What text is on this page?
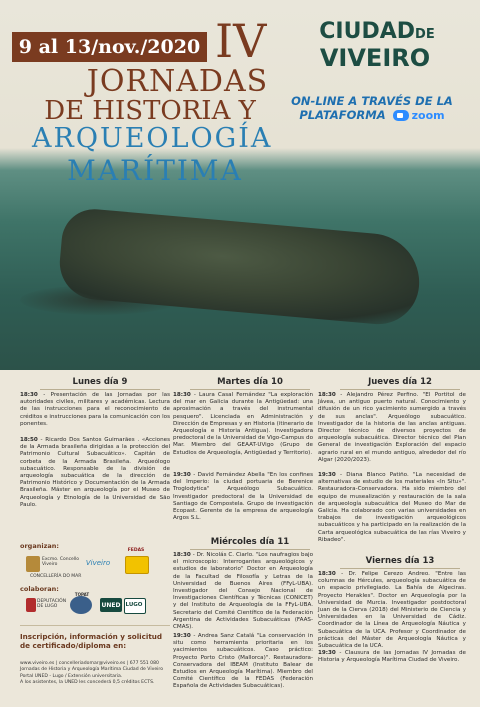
9 al 13/nov./2020 IV
JORNADAS
DE HISTORIA Y
ARQUEOLOGÍA
MARÍTIMA
CIUDADDE
VIVEIRO
ON-LINE A TRAVÉS DE LA PLATAFORMA zoom
Lunes día 9
18:30 - Presentación de las Jornadas por las autoridades civiles, militares y académicas. Lectura de las instrucciones para el reconocimiento de créditos e instrucciones para la comunicación con los ponentes.
18:50 - Ricardo Dos Santos Guimarães . «Acciones de la Armada brasileña dirigidas a la protección del Patrimonio Cultural Subacuático». Capitán de corbeta de la Armada Brasileña. Arqueólogo subacuático. Responsable de la división de arqueología subacuática de la dirección de Patrimonio Histórico y Documentación de la Armada Brasileña. Máster en arqueología por el Museo de Arqueología y Etnología de la Universidad de São Paulo.
Martes día 10
18:30 - Laura Casal Fernández "La exploración del mar en Galicia durante la Antigüedad: una aproximación a través del instrumental pesquero". Licenciada en Administración y Dirección de Empresas y en Historia (itinerario de Arqueología e Historia Antigua). Investigadora predoctoral de la Universidad de Vigo-Campus do Mar. Miembro del GEAAT-UVigo (Grupo de Estudios de Arqueología, Antigüedad y Territorio).
19:30 - David Fernández Abella "En los confines del Imperio: la ciudad portuaria de Berenice Troglodytica" Arqueólogo Subacuático. Investigador predoctoral de la Universidad de Santiago de Compostela. Grupo de investigación Ecopast. Gerente de la empresa de arqueología Argos S.L.
Miércoles día 11
18:30 - Dr. Nicolás C. Ciarlo. "Los naufragios bajo el microscopio: Interrogantes arqueológicos y estudios de laboratorio" Doctor en Arqueología de la Facultad de Filosofía y Letras de la Universidad de Buenos Aires (FFyL-UBA). Investigador del Consejo Nacional de Investigaciones Científicas y Técnicas (CONICET) y del Instituto de Arqueología de la FFyL-UBA. Secretario del Comité Científico de la Federación Argentina de Actividades Subacuáticas (FAAS-CMAS).
19:30 - Andrea Sanz Catalá "La conservación in situ como herramienta prioritaria en los yacimientos subacuáticos. Caso práctico: Proyecto Porto Cristo (Mallorca)". Restauradora-Conservadora del IBEAM (Instituto Balear de Estudios en Arqueología Marítima). Miembro del Comité Científico de la FEDAS (Federación Española de Actividades Subacuáticas).
Jueves día 12
18:30 - Alejandro Pérez Perfino. "El Portitol de Jávea, un antiguo puerto natural. Conocimiento y difusión de un rico yacimiento sumergido a través de sus anclas". Arqueólogo subacuático. Investigador de la historia de las anclas antiguas. Director técnico de diversos proyectos de arqueología subacuática. Director técnico del Plan General de investigación Exploración del espacio agrario rural en el mundo antiguo, alrededor del río Algar (2020/2023).
19:30 - Diana Blanco Patiño. "La necesidad de alternativas de estudio de los materiales «In Situ»". Restauradora-Conservadora. Ha sido miembro del equipo de musealización y restauración de la sala de arqueología subacuática del Museo do Mar de Galicia. Ha colaborado con varias universidades en trabajos de investigación arqueológicos subacuáticos y ha participado en la realización de la Carta arqueológica subacuática de las rías Viveiro y Ribadeo".
Viernes día 13
18:30 - Dr. Felipe Cerezo Andreo. "Entre las columnas de Hércules, arqueología subacuática de un espacio privilegiado. La Bahía de Algeciras. Proyecto Herakles". Doctor en Arqueología por la Universidad de Murcia. Investigador postdoctoral Juan de la Cierva (2018) del Ministerio de Ciencia y Universidades en la Universidad de Cádiz. Coordinador de la Línea de Arqueología Náutica y Subacuática de la UCA. Profesor y Coordinador de prácticas del Máster de Arqueología Náutica y Subacuática de la UCA.
19:30 - Clausura de las Jornadas IV Jornadas de Historia y Arqueología Marítima Ciudad de Viveiro.
organizan:
Excmo. Concello Viveiro	Viveiro
CONCELLERÍA DO MAR
FEDAS
colaboran:
DEPUTACIÓN DE LUGO
TOPAT
UNED LUGO
Inscripción, información y solicitud de certificado/diploma en:
www.viveiro.es | concelleriadomar@viveiro.es | 677 551 080
Jornadas de Historia y Arqueología Marítima Ciudad de Viveiro
Portal UNED - Lugo / Extensión universitaria.
A los asistentes, la UNED les concederá 0,5 créditos ECTS.
